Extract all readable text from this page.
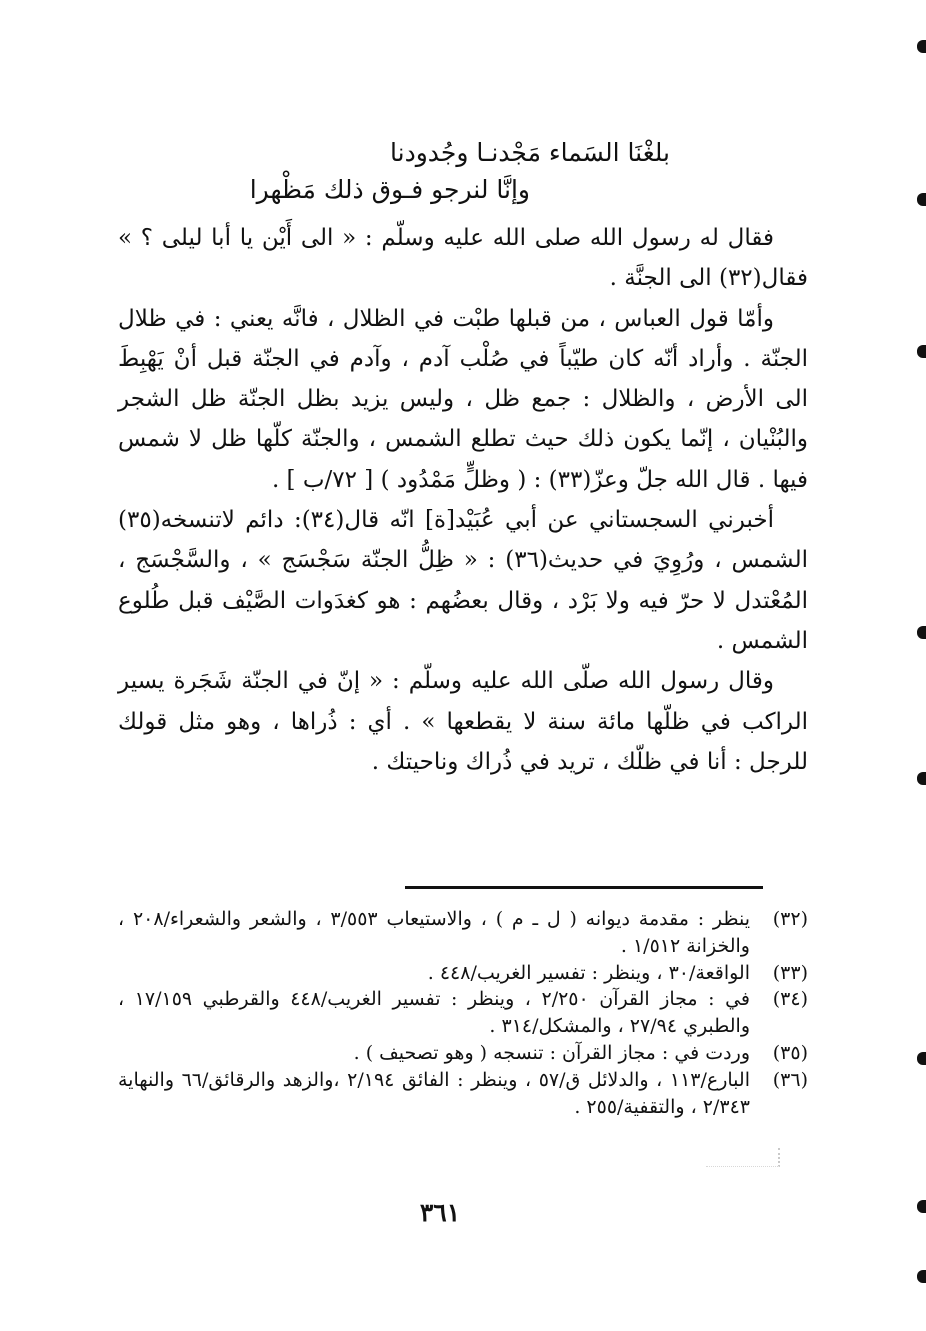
بلغْنَا السَماء مَجْدنـا وجُدودنا
وإنَّا لنرجو فـوق ذلك مَظْهرا

فقال له رسول الله صلى الله عليه وسلّم : « الى أَيْن يا أبا ليلى ؟ » فقال(٣٢) الى الجنَّة .

وأمّا قول العباس ، من قبلها طبْت في الظلال ، فانَّه يعني : في ظلال الجنّة . وأراد أنّه كان طيّباً في صُلْب آدم ، وآدم في الجنّة قبل أنْ يَهْبِطَ الى الأرض ، والظلال : جمع ظل ، وليس يزيد بظل الجنّة ظل الشجر والبُنْيان ، إنّما يكون ذلك حيث تطلع الشمس ، والجنّة كلّها ظل لا شمس فيها . قال الله جلّ وعزّ(٣٣) : ( وظلٍّ مَمْدُود ) [ ٧٢/ب ] .

أخبرني السجستاني عن أبي عُبَيْد[ة] انّه قال(٣٤): دائم لاتنسخه(٣٥) الشمس ، ورُوِيَ في حديث(٣٦) : « ظِلُّ الجنّة سَجْسَج » ، والسَّجْسَج ، المُعْتدل لا حرّ فيه ولا بَرْد ، وقال بعضُهم : هو كغدَوات الصَّيْف قبل طُلوع الشمس .

وقال رسول الله صلّى الله عليه وسلّم : « إنّ في الجنّة شَجَرة يسير الراكب في ظلّها مائة سنة لا يقطعها » . أي : ذُراها ، وهو مثل قولك للرجل : أنا في ظلّك ، تريد في ذُراك وناحيتك .

(٣٢)
ينظر : مقدمة ديوانه ( ل ـ م ) ، والاستيعاب ٣/٥٥٣ ، والشعر والشعراء/٢٠٨ ، والخزانة ١/٥١٢ .
(٣٣)
الواقعة/٣٠ ، وينظر : تفسير الغريب/٤٤٨ .
(٣٤)
في : مجاز القرآن ٢/٢٥٠ ، وينظر : تفسير الغريب/٤٤٨ والقرطبي ١٧/١٥٩ ، والطبري ٢٧/٩٤ ، والمشكل/٣١٤ .
(٣٥)
وردت في : مجاز القرآن : تنسجه ( وهو تصحيف ) .
(٣٦)
البارع/١١٣ ، والدلائل ق/٥٧ ، وينظر : الفائق ٢/١٩٤ ،والزهد والرقائق/٦٦ والنهاية ٢/٣٤٣ ، والتقفية/٢٥٥ .
٣٦١
